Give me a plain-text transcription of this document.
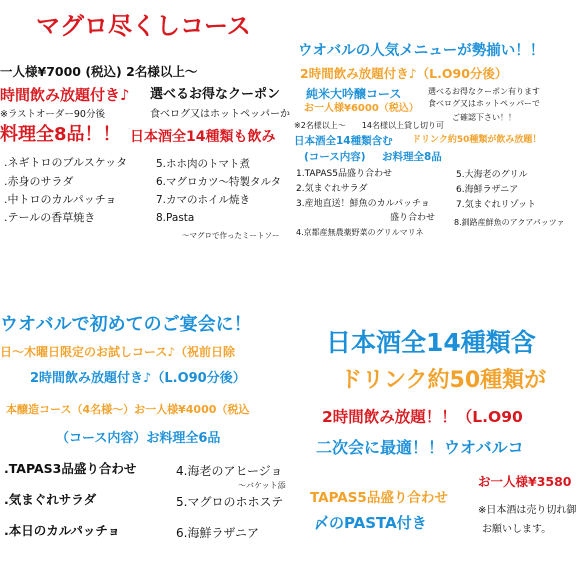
マグロ尽くしコース
一人様¥7000 (税込) 2名様以上〜
時間飲み放題付き♪ 選べるお得なクーポン
※ラストオーダー90分後	食べログ又はホットペッパーか
料理全8品！！ 日本酒全14種類も飲み
.ネギトロのブルスケッタ
.赤身のサラダ
.中トロのカルパッチョ
.テールの香草焼き
5.ホホ肉のトマト煮
6.マグロカツ〜特製タルタ
7.カマのホイル焼き
8.Pasta
〜マグロで作ったミートソー
ウオバルの人気メニューが勢揃い！！
2時間飲み放題付き♪（L.O90分後）
純米大吟醸コース
お一人様¥6000（税込）
選べるお得なクーポン有ります
食べログ又はホットペッパーで
ご確認下さい！！
※2名様以上〜　　14名様以上貸し切り可
日本酒全14種類含む ドリンク約50種類が飲み放題！
(コース内容) お料理全8品
1.TAPAS5品盛り合わせ
2.気まぐれサラダ
3.産地直送！鮮魚のカルパッチョ
盛り合わせ
4.京都産無農薬野菜のグリルマリネ
5.大海老のグリル
6.海鮮ラザニア
7.気まぐれリゾット
8.釧路産鮮魚のアクアパッツァ
ウオバルで初めてのご宴会に！
日〜木曜日限定のお試しコース♪（祝前日除
2時間飲み放題付き♪（L.O90分後）
本醸造コース（4名様〜）お一人様¥4000（税込
（コース内容）お料理全6品
.TAPAS3品盛り合わせ
.気まぐれサラダ
.本日のカルパッチョ
4.海老のアヒージョ
〜バケット添
5.マグロのホホステ
6.海鮮ラザニア
日本酒全14種類含
ドリンク約50種類が
2時間飲み放題！！（L.O90
二次会に最適！！ウオバルコ
お一人様¥3580
TAPAS5品盛り合わせ
〆のPASTA付き
※日本酒は売り切れ御
お願いします。
